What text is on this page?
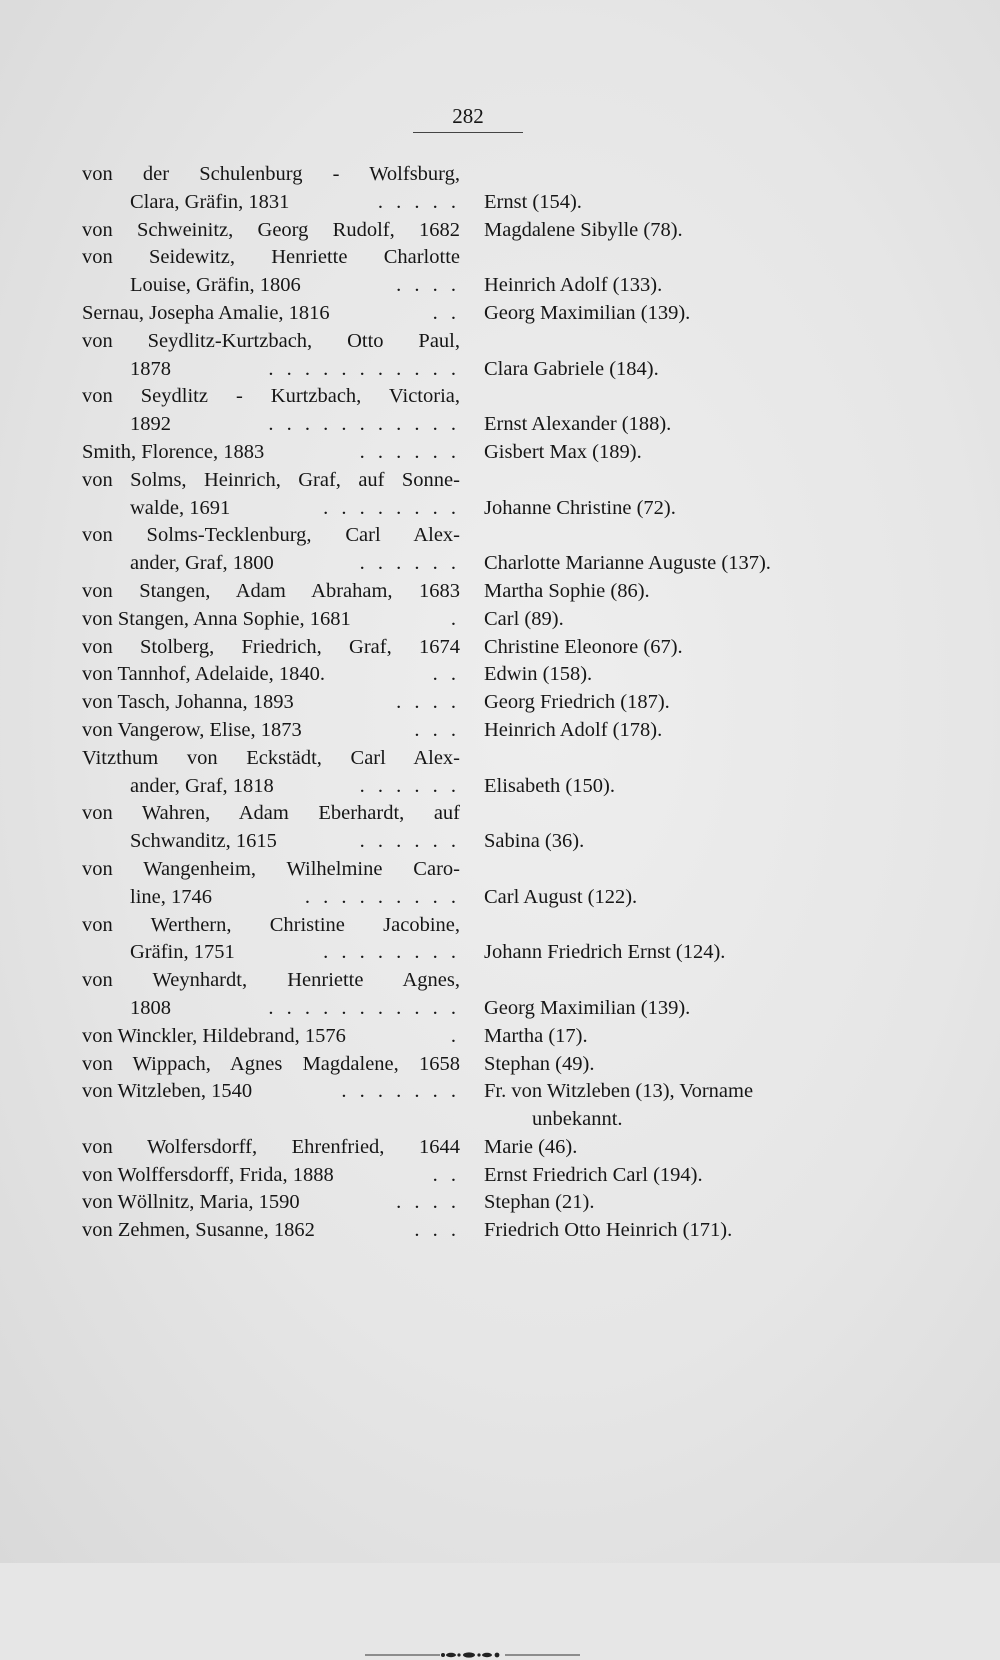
282
von der Schulenburg - Wolfsburg,
Clara, Gräfin, 1831	. . . . . Ernst (154).
von Schweinitz, Georg Rudolf, 1682 Magdalene Sibylle (78).
von Seidewitz, Henriette Charlotte
Louise, Gräfin, 1806	. . . . Heinrich Adolf (133).
Sernau, Josepha Amalie, 1816	. . Georg Maximilian (139).
von Seydlitz-Kurtzbach, Otto Paul,
1878	. . . . . . . . . . . Clara Gabriele (184).
von Seydlitz - Kurtzbach, Victoria,
1892	. . . . . . . . . . . Ernst Alexander (188).
Smith, Florence, 1883	. . . . . . Gisbert Max (189).
von Solms, Heinrich, Graf, auf Sonne-
walde, 1691	. . . . . . . . Johanne Christine (72).
von Solms-Tecklenburg, Carl Alex-
ander, Graf, 1800	. . . . . . Charlotte Marianne Auguste (137).
von Stangen, Adam Abraham, 1683 Martha Sophie (86).
von Stangen, Anna Sophie, 1681	. Carl (89).
von Stolberg, Friedrich, Graf, 1674 Christine Eleonore (67).
von Tannhof, Adelaide, 1840.	. . Edwin (158).
von Tasch, Johanna, 1893	. . . . Georg Friedrich (187).
von Vangerow, Elise, 1873	. . . Heinrich Adolf (178).
Vitzthum von Eckstädt, Carl Alex-
ander, Graf, 1818	. . . . . . Elisabeth (150).
von Wahren, Adam Eberhardt, auf
Schwanditz, 1615	. . . . . . Sabina (36).
von Wangenheim, Wilhelmine Caro-
line, 1746	. . . . . . . . . Carl August (122).
von Werthern, Christine Jacobine,
Gräfin, 1751	. . . . . . . . Johann Friedrich Ernst (124).
von Weynhardt, Henriette Agnes,
1808	. . . . . . . . . . . Georg Maximilian (139).
von Winckler, Hildebrand, 1576	. Martha (17).
von Wippach, Agnes Magdalene, 1658 Stephan (49).
von Witzleben, 1540	. . . . . . . Fr. von Witzleben (13), Vorname
unbekannt.
von Wolfersdorff, Ehrenfried, 1644 Marie (46).
von Wolffersdorff, Frida, 1888	. . Ernst Friedrich Carl (194).
von Wöllnitz, Maria, 1590	. . . . Stephan (21).
von Zehmen, Susanne, 1862	. . . Friedrich Otto Heinrich (171).
